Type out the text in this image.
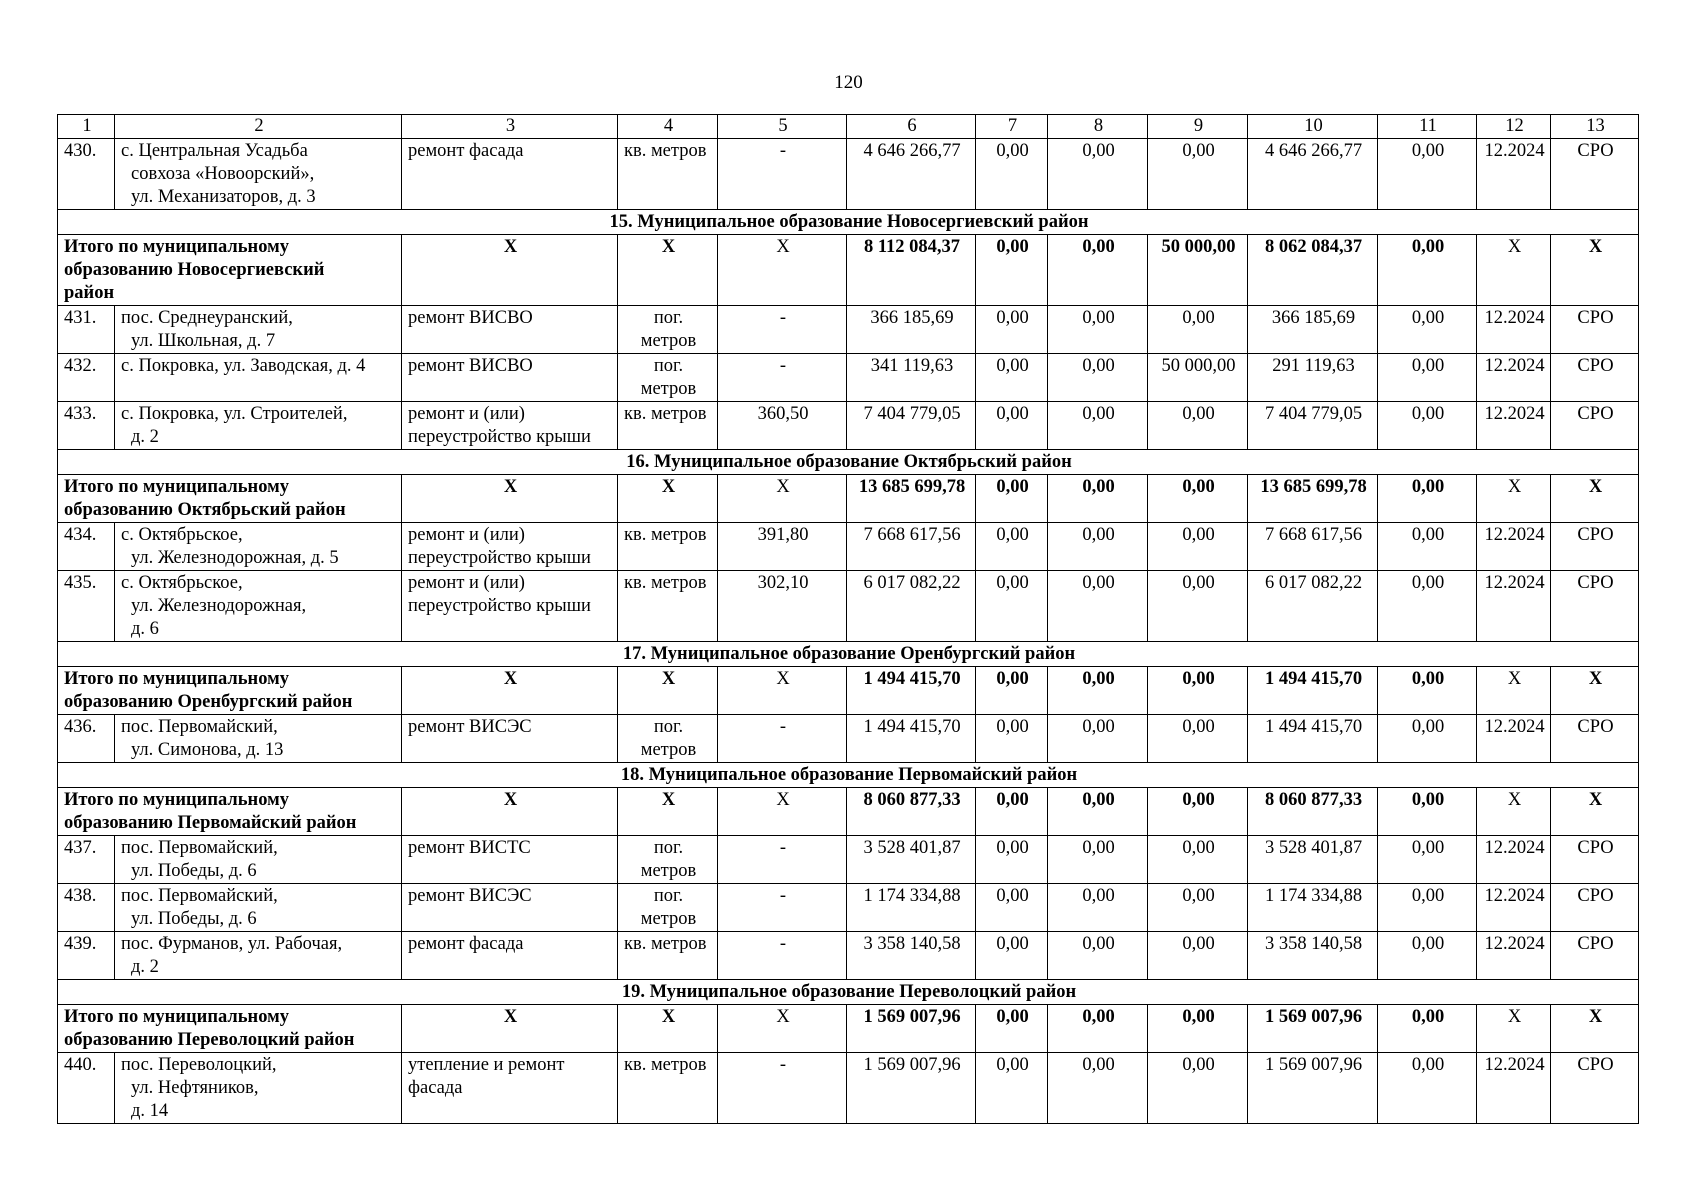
120
1	2	3	4	5	6	7	8	9	10	11	12	13
430.	с. Центральная Усадьба
совхоза «Новоорский»,
ул. Механизаторов, д. 3	ремонт фасада	кв. метров	-	4 646 266,77	0,00	0,00	0,00	4 646 266,77	0,00	12.2024	СРО
15. Муниципальное образование Новосергиевский район												

Итого по муниципальному
образованию Новосергиевский
район		Х	Х	Х	8 112 084,37	0,00	0,00	50 000,00	8 062 084,37	0,00	Х	Х
431.	пос. Среднеуранский,
ул. Школьная, д. 7	ремонт ВИСВО	пог.
метров	-	366 185,69	0,00	0,00	0,00	366 185,69	0,00	12.2024	СРО
432.	с. Покровка, ул. Заводская, д. 4	ремонт ВИСВО	пог.
метров	-	341 119,63	0,00	0,00	50 000,00	291 119,63	0,00	12.2024	СРО
433.	с. Покровка, ул. Строителей,
д. 2	ремонт и (или)
переустройство крыши	кв. метров	360,50	7 404 779,05	0,00	0,00	0,00	7 404 779,05	0,00	12.2024	СРО
16. Муниципальное образование Октябрьский район												

Итого по муниципальному
образованию Октябрьский район		Х	Х	Х	13 685 699,78	0,00	0,00	0,00	13 685 699,78	0,00	Х	Х
434.	с. Октябрьское,
ул. Железнодорожная, д. 5	ремонт и (или)
переустройство крыши	кв. метров	391,80	7 668 617,56	0,00	0,00	0,00	7 668 617,56	0,00	12.2024	СРО
435.	с. Октябрьское,
ул. Железнодорожная,
д. 6	ремонт и (или)
переустройство крыши	кв. метров	302,10	6 017 082,22	0,00	0,00	0,00	6 017 082,22	0,00	12.2024	СРО
17. Муниципальное образование Оренбургский район												

Итого по муниципальному
образованию Оренбургский район		Х	Х	Х	1 494 415,70	0,00	0,00	0,00	1 494 415,70	0,00	Х	Х
436.	пос. Первомайский,
ул. Симонова, д. 13	ремонт ВИСЭС	пог.
метров	-	1 494 415,70	0,00	0,00	0,00	1 494 415,70	0,00	12.2024	СРО
18. Муниципальное образование Первомайский район												

Итого по муниципальному
образованию Первомайский район		Х	Х	Х	8 060 877,33	0,00	0,00	0,00	8 060 877,33	0,00	Х	Х
437.	пос. Первомайский,
ул. Победы, д. 6	ремонт ВИСТС	пог.
метров	-	3 528 401,87	0,00	0,00	0,00	3 528 401,87	0,00	12.2024	СРО
438.	пос. Первомайский,
ул. Победы, д. 6	ремонт ВИСЭС	пог.
метров	-	1 174 334,88	0,00	0,00	0,00	1 174 334,88	0,00	12.2024	СРО
439.	пос. Фурманов, ул. Рабочая,
д. 2	ремонт фасада	кв. метров	-	3 358 140,58	0,00	0,00	0,00	3 358 140,58	0,00	12.2024	СРО
19. Муниципальное образование Переволоцкий район												

Итого по муниципальному
образованию Переволоцкий район		Х	Х	Х	1 569 007,96	0,00	0,00	0,00	1 569 007,96	0,00	Х	Х
440.	пос. Переволоцкий,
ул. Нефтяников,
д. 14	утепление и ремонт
фасада	кв. метров	-	1 569 007,96	0,00	0,00	0,00	1 569 007,96	0,00	12.2024	СРО
